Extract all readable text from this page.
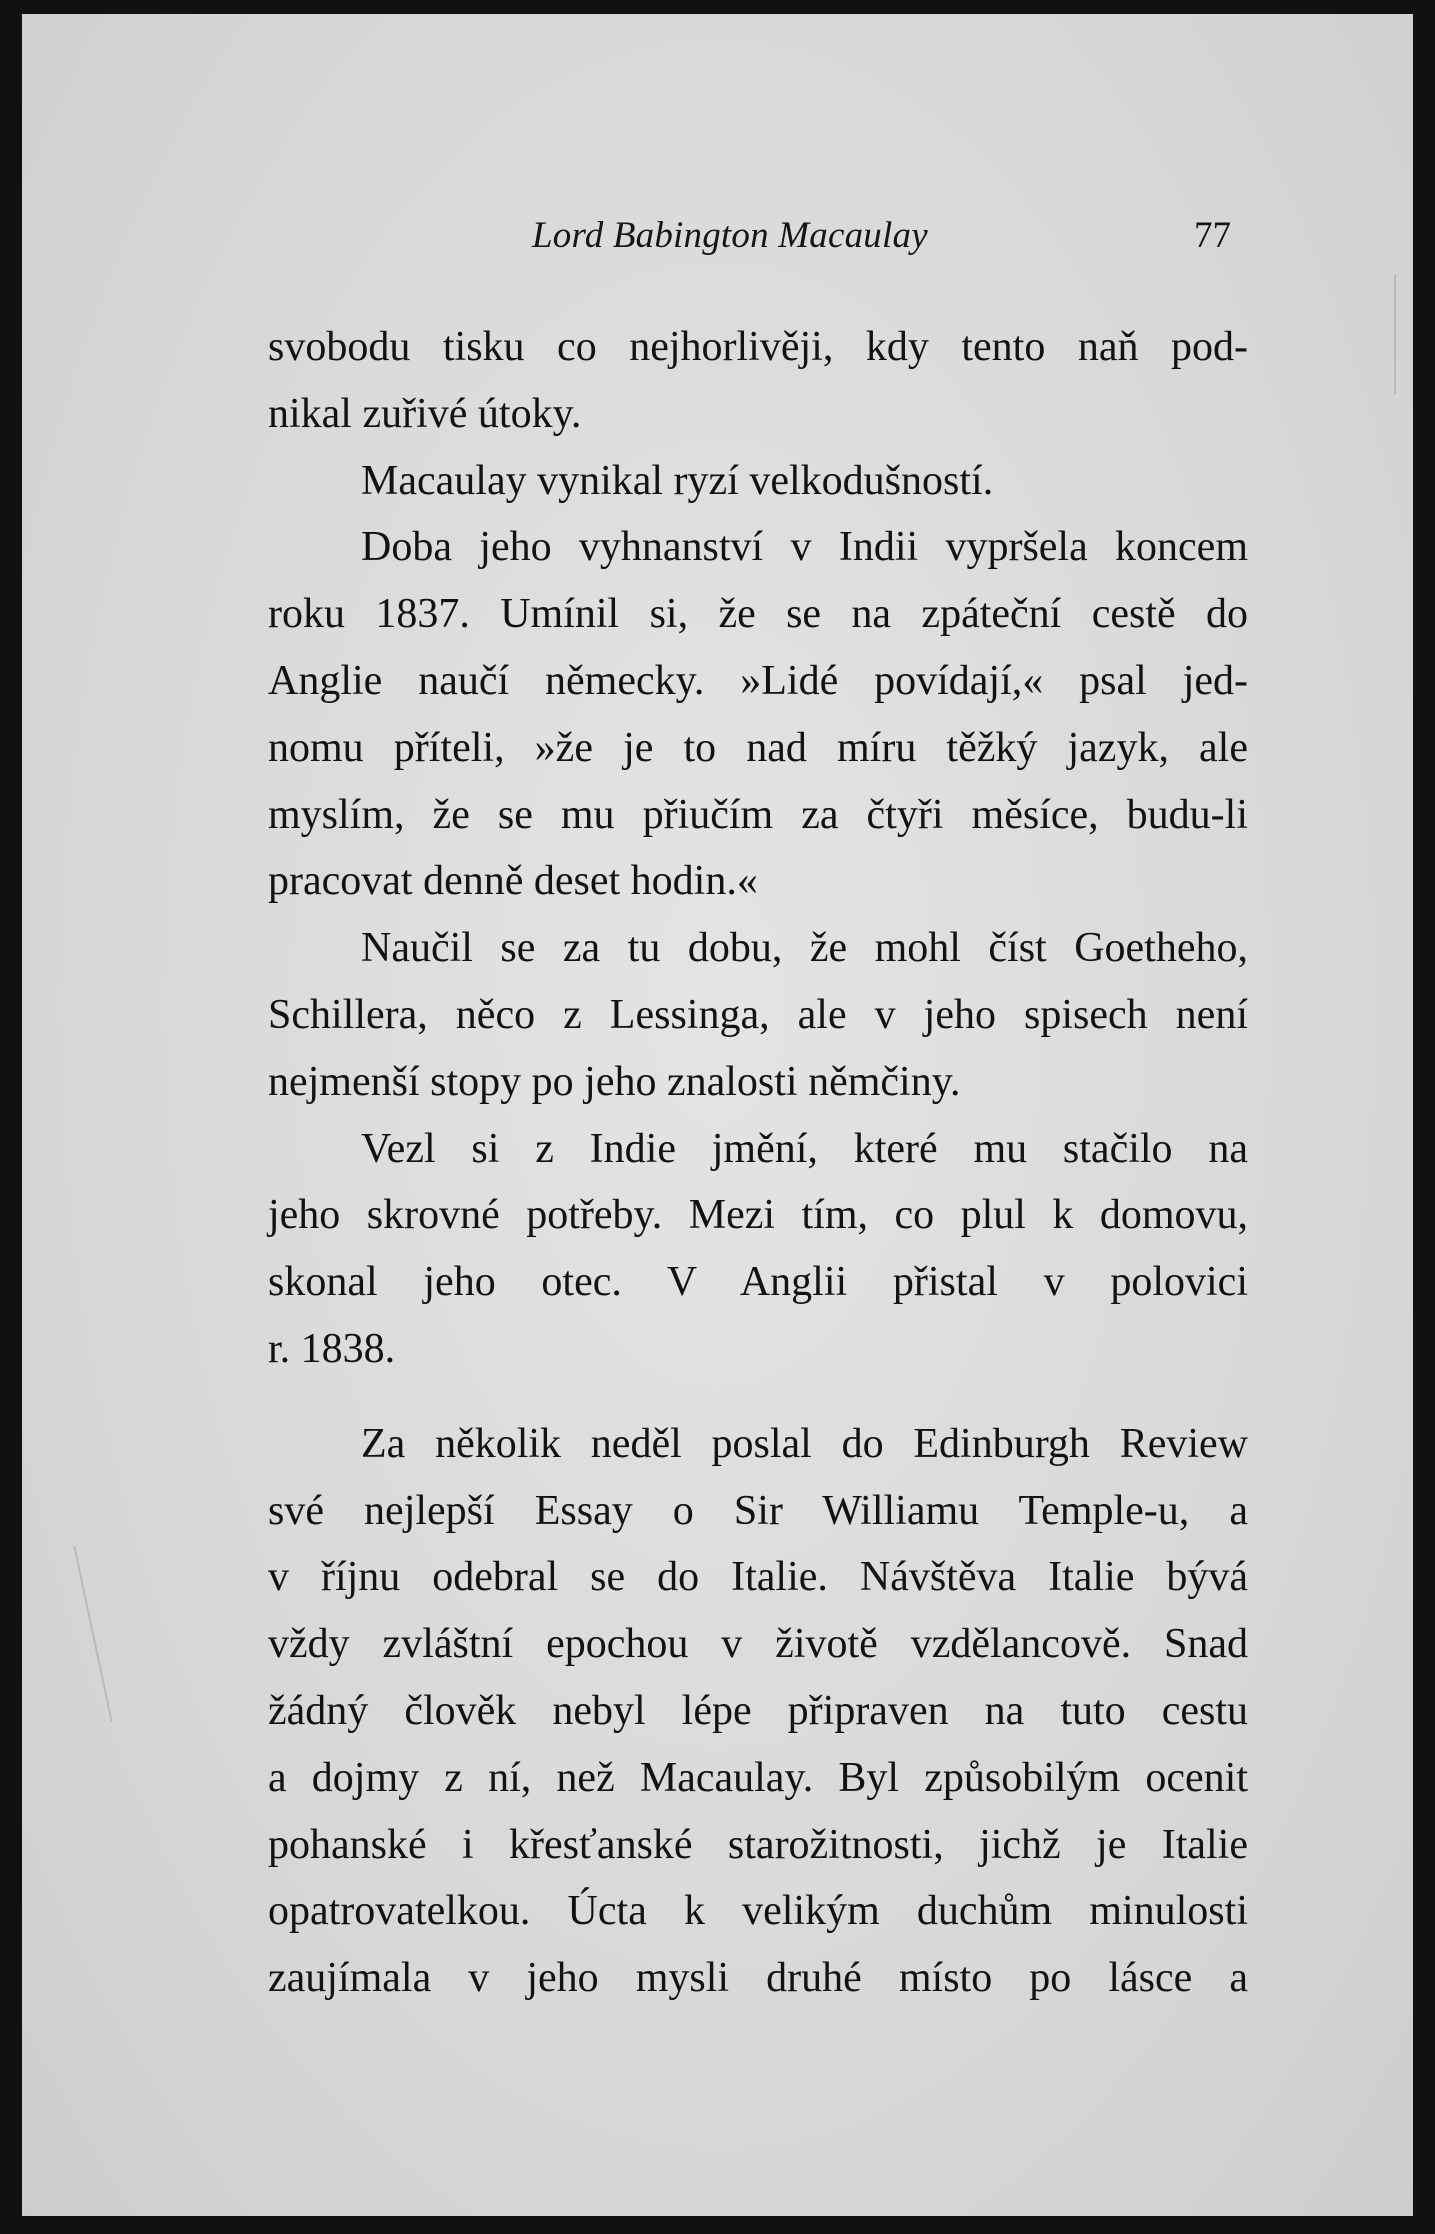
Lord Babington Macaulay	77
svobodu tisku co nejhorlivěji, kdy tento naň pod-
nikal zuřivé útoky.
Macaulay vynikal ryzí velkodušností.
Doba jeho vyhnanství v Indii vypršela koncem
roku 1837. Umínil si, že se na zpáteční cestě do
Anglie naučí německy. »Lidé povídají,« psal jed-
nomu příteli, »že je to nad míru těžký jazyk, ale
myslím, že se mu přiučím za čtyři měsíce, budu-li
pracovat denně deset hodin.«
Naučil se za tu dobu, že mohl číst Goetheho,
Schillera, něco z Lessinga, ale v jeho spisech není
nejmenší stopy po jeho znalosti němčiny.
Vezl si z Indie jmění, které mu stačilo na
jeho skrovné potřeby. Mezi tím, co plul k domovu,
skonal jeho otec. V Anglii přistal v polovici
r. 1838.
Za několik neděl poslal do Edinburgh Review
své nejlepší Essay o Sir Williamu Temple-u, a
v říjnu odebral se do Italie. Návštěva Italie bývá
vždy zvláštní epochou v životě vzdělancově. Snad
žádný člověk nebyl lépe připraven na tuto cestu
a dojmy z ní, než Macaulay. Byl způsobilým ocenit
pohanské i křesťanské starožitnosti, jichž je Italie
opatrovatelkou. Úcta k velikým duchům minulosti
zaujímala v jeho mysli druhé místo po lásce a
